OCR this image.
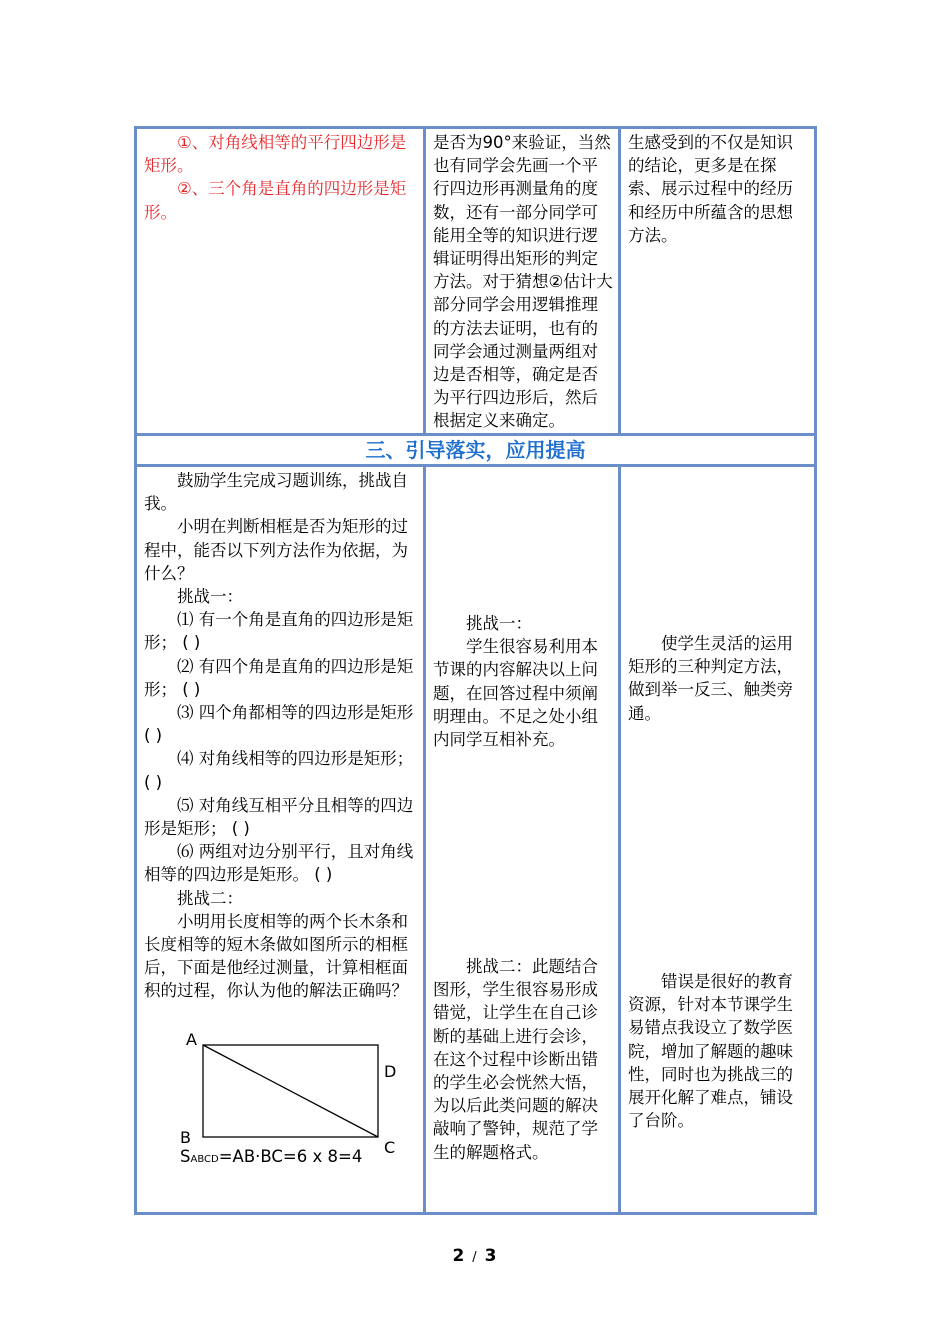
①、对角线相等的平行四边形是矩形。

②、三个角是直角的四边形是矩形。

是否为90°来验证，当然也有同学会先画一个平行四边形再测量角的度数，还有一部分同学可能用全等的知识进行逻辑证明得出矩形的判定方法。对于猜想②估计大部分同学会用逻辑推理的方法去证明，也有的同学会通过测量两组对边是否相等，确定是否为平行四边形后，然后根据定义来确定。

生感受到的不仅是知识的结论，更多是在探索、展示过程中的经历和经历中所蕴含的思想方法。

三、引导落实，应用提高

鼓励学生完成习题训练，挑战自我。

小明在判断相框是否为矩形的过程中，能否以下列方法作为依据，为什么？

挑战一：

⑴ 有一个角是直角的四边形是矩形； ( )

⑵ 有四个角是直角的四边形是矩形； ( )

⑶ 四个角都相等的四边形是矩形 ( )

⑷ 对角线相等的四边形是矩形； ( )

⑸ 对角线互相平分且相等的四边形是矩形； ( )

⑹ 两组对边分别平行，且对角线相等的四边形是矩形。 ( )

挑战二：

小明用长度相等的两个长木条和长度相等的短木条做如图所示的相框后，下面是他经过测量，计算相框面积的过程，你认为他的解法正确吗？

A
B
C
D
SABCD=AB·BC=6 x 8=4

挑战一：

学生很容易利用本节课的内容解决以上问题，在回答过程中须阐明理由。不足之处小组内同学互相补充。

挑战二：此题结合图形，学生很容易形成错觉，让学生在自己诊断的基础上进行会诊，在这个过程中诊断出错的学生必会恍然大悟，为以后此类问题的解决敲响了警钟，规范了学生的解题格式。

使学生灵活的运用矩形的三种判定方法，做到举一反三、触类旁通。

错误是很好的教育资源，针对本节课学生易错点我设立了数学医院，增加了解题的趣味性，同时也为挑战三的展开化解了难点，铺设了台阶。

2 / 3
